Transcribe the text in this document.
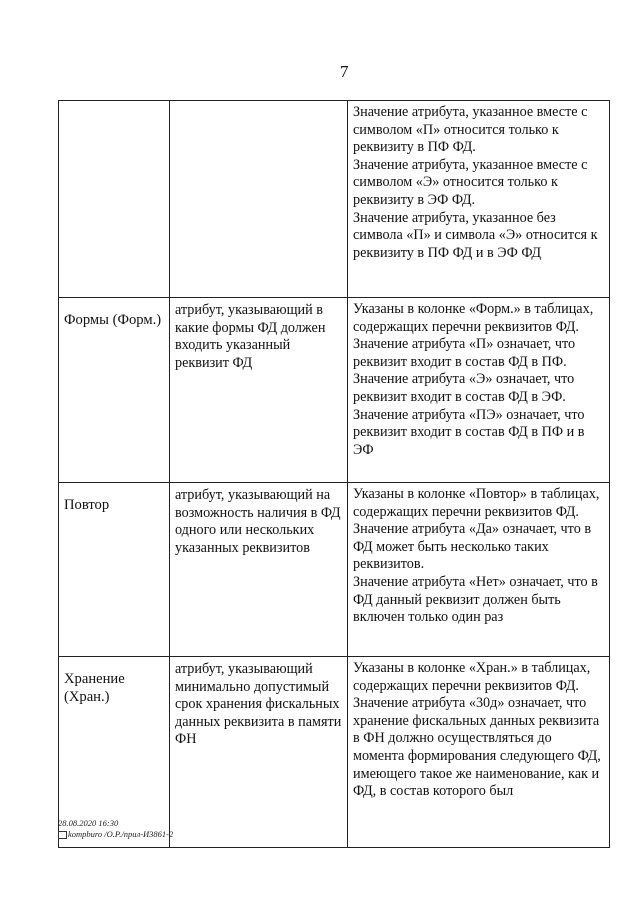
7

		Значение атрибута, указанное вместе с символом «П» относится только к реквизиту в ПФ ФД.

Значение атрибута, указанное вместе с символом «Э» относится только к реквизиту в ЭФ ФД.

Значение атрибута, указанное без символа «П» и символа «Э» относится к реквизиту в ПФ ФД и в ЭФ ФД

Формы (Форм.)	атрибут, указывающий в какие формы ФД должен входить указанный реквизит ФД	Указаны в колонке «Форм.» в таблицах, содержащих перечни реквизитов ФД.

Значение атрибута «П» означает, что реквизит входит в состав ФД в ПФ.

Значение атрибута «Э» означает, что реквизит входит в состав ФД в ЭФ.

Значение атрибута «ПЭ» означает, что реквизит входит в состав ФД в ПФ и в ЭФ

Повтор	атрибут, указывающий на возможность наличия в ФД одного или нескольких указанных реквизитов	Указаны в колонке «Повтор» в таблицах, содержащих перечни реквизитов ФД.

Значение атрибута «Да» означает, что в ФД может быть несколько таких реквизитов.

Значение атрибута «Нет» означает, что в ФД данный реквизит должен быть включен только один раз

Хранение (Хран.)	атрибут, указывающий минимально допустимый срок хранения фискальных данных реквизита в памяти ФН	Указаны в колонке «Хран.» в таблицах, содержащих перечни реквизитов ФД.

Значение атрибута «30д» означает, что хранение фискальных данных реквизита в ФН должно осуществляться до момента формирования следующего ФД, имеющего такое же наименование, как и ФД, в состав которого был

28.08.2020 16:30
kompburo /О.Р./прил-И3861-2
